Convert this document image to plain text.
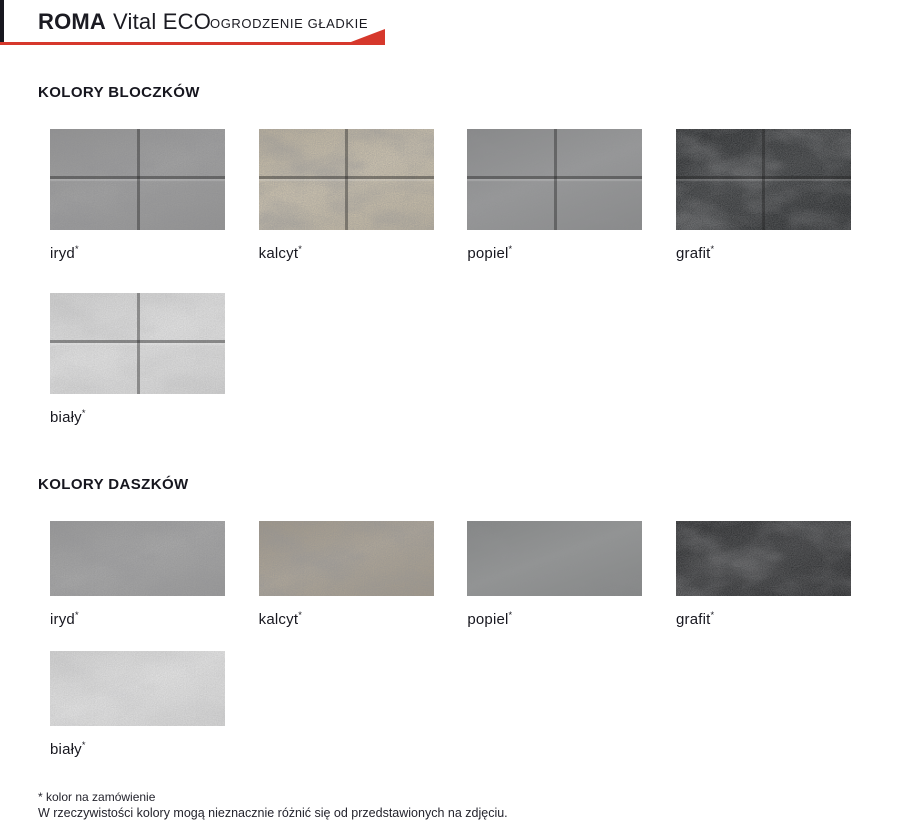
ROMA Vital ECO
OGRODZENIE GŁADKIE
KOLORY BLOCZKÓW
iryd*	kalcyt*	popiel*	grafit*
biały*
KOLORY DASZKÓW
iryd*	kalcyt*	popiel*	grafit*
biały*
* kolor na zamówienie
W rzeczywistości kolory mogą nieznacznie różnić się od przedstawionych na zdjęciu.
